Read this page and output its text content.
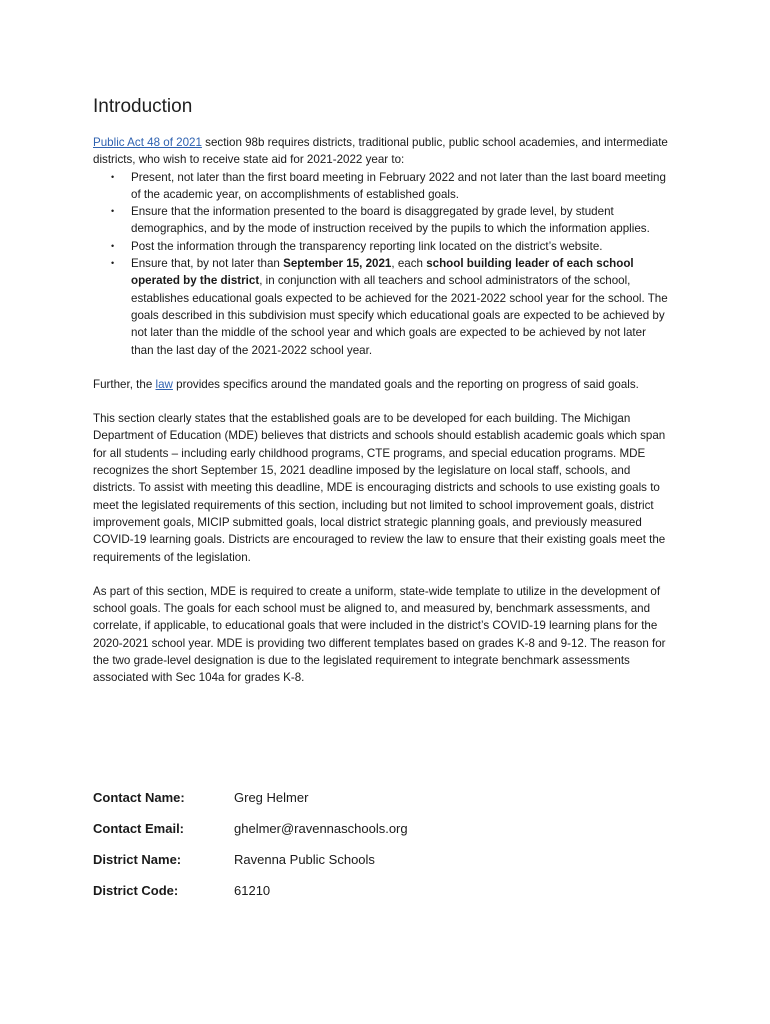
Introduction

Public Act 48 of 2021 section 98b requires districts, traditional public, public school academies, and intermediate districts, who wish to receive state aid for 2021-2022 year to:

• Present, not later than the first board meeting in February 2022 and not later than the last board meeting of the academic year, on accomplishments of established goals.
• Ensure that the information presented to the board is disaggregated by grade level, by student demographics, and by the mode of instruction received by the pupils to which the information applies.
• Post the information through the transparency reporting link located on the district’s website.
• Ensure that, by not later than September 15, 2021, each school building leader of each school operated by the district, in conjunction with all teachers and school administrators of the school, establishes educational goals expected to be achieved for the 2021-2022 school year for the school. The goals described in this subdivision must specify which educational goals are expected to be achieved by not later than the middle of the school year and which goals are expected to be achieved by not later than the last day of the 2021-2022 school year.

Further, the law provides specifics around the mandated goals and the reporting on progress of said goals.

This section clearly states that the established goals are to be developed for each building. The Michigan Department of Education (MDE) believes that districts and schools should establish academic goals which span for all students – including early childhood programs, CTE programs, and special education programs. MDE recognizes the short September 15, 2021 deadline imposed by the legislature on local staff, schools, and districts. To assist with meeting this deadline, MDE is encouraging districts and schools to use existing goals to meet the legislated requirements of this section, including but not limited to school improvement goals, district improvement goals, MICIP submitted goals, local district strategic planning goals, and previously measured COVID-19 learning goals. Districts are encouraged to review the law to ensure that their existing goals meet the requirements of the legislation.

As part of this section, MDE is required to create a uniform, state-wide template to utilize in the development of school goals. The goals for each school must be aligned to, and measured by, benchmark assessments, and correlate, if applicable, to educational goals that were included in the district’s COVID-19 learning plans for the 2020-2021 school year. MDE is providing two different templates based on grades K-8 and 9-12. The reason for the two grade-level designation is due to the legislated requirement to integrate benchmark assessments associated with Sec 104a for grades K-8.

Contact Name:	Greg Helmer
Contact Email:	ghelmer@ravennaschools.org
District Name:	Ravenna Public Schools
District Code:	61210
